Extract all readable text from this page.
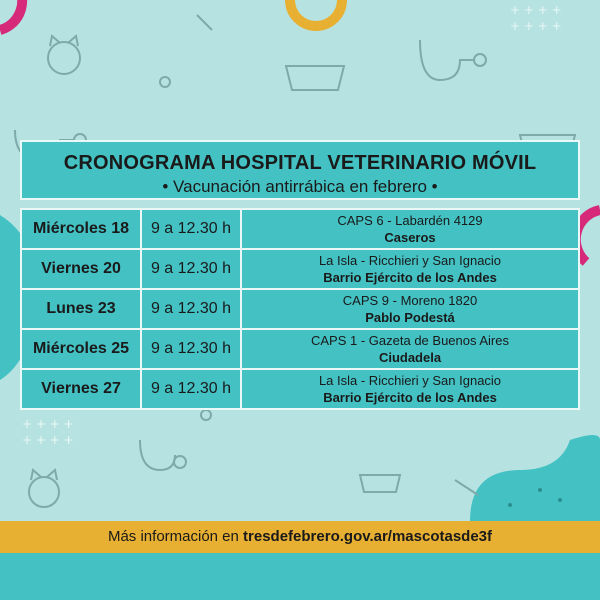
+ + + +
+ + + +
+ + + +
+ + + +
CRONOGRAMA HOSPITAL VETERINARIO MÓVIL
• Vacunación antirrábica en febrero •
Miércoles 18	9 a 12.30 h	CAPS 6 - Labardén 4129
Caseros

Viernes 20	9 a 12.30 h	La Isla - Ricchieri y San Ignacio
Barrio Ejército de los Andes

Lunes 23	9 a 12.30 h	CAPS 9 - Moreno 1820
Pablo Podestá

Miércoles 25	9 a 12.30 h	CAPS 1 - Gazeta de Buenos Aires
Ciudadela

Viernes 27	9 a 12.30 h	La Isla - Ricchieri y San Ignacio
Barrio Ejército de los Andes
Más información en tresdefebrero.gov.ar/mascotasde3f
